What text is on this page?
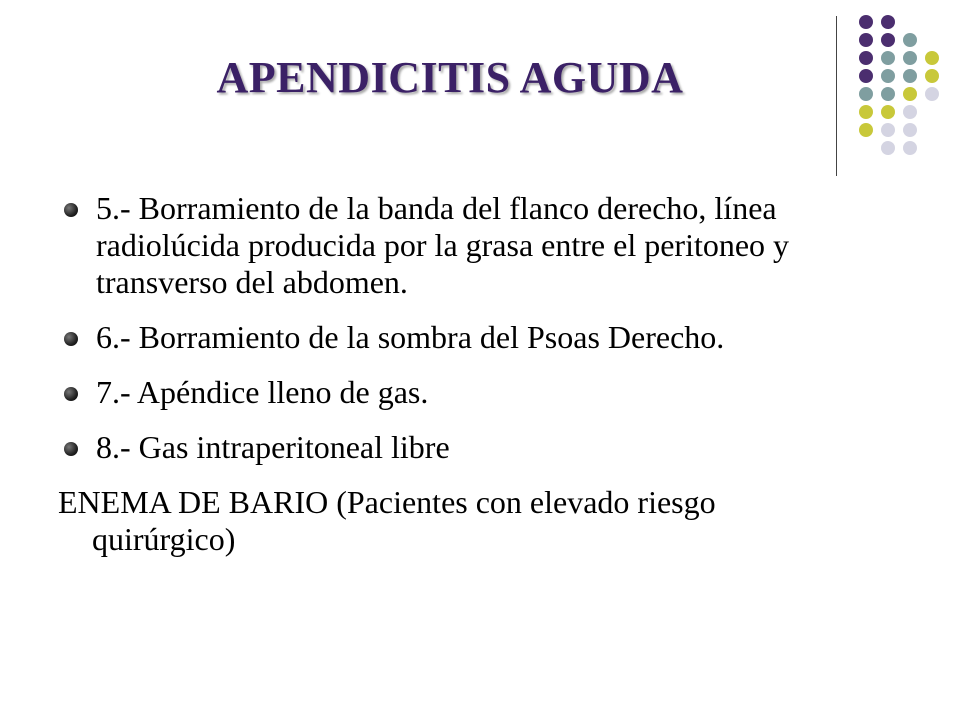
APENDICITIS AGUDA
5.- Borramiento de la banda del flanco derecho, línea radiolúcida producida por la grasa entre el peritoneo y transverso del abdomen.
6.- Borramiento de la sombra del Psoas Derecho.
7.- Apéndice lleno de gas.
8.- Gas intraperitoneal libre
ENEMA DE BARIO (Pacientes con elevado riesgo quirúrgico)
